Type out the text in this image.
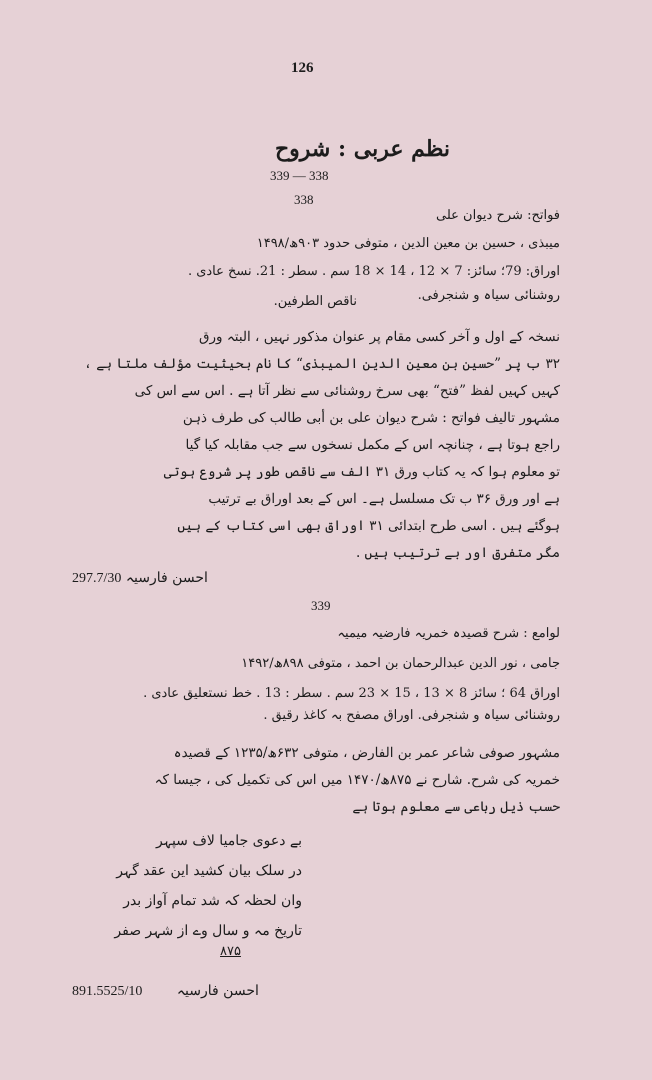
126
نظم عربی : شروح
339 — 338
338
فواتح: شرح دیوان علی
میبذی ، حسین بن معین الدین ، متوفی حدود ۹۰۳ھ/۱۴۹۸
اوراق: 79؛ سائز: 7 × 12 ، 14 × 18 سم . سطر : 21. نسخ عادی .
روشنائی سیاہ و شنجرفی.
ناقص الطرفین.
نسخہ کے اول و آخر کسی مقام پر عنوان مذکور نہیں ، البتہ ورق
۳۲ ب پر ”حسین بن معین الدین المیبذی“ کا نام بحیثیت مؤلف ملتا ہے ،
کہیں کہیں لفظ ”فتح“ بھی سرخ روشنائی سے نظر آتا ہے . اس سے اس کی
مشہور تالیف فواتح : شرح دیوان علی بن أبی طالب کی طرف ذہن
راجع ہوتا ہے ، چنانچہ اس کے مکمل نسخوں سے جب مقابلہ کیا گیا
تو معلوم ہوا کہ یہ کتاب ورق ۳۱ الف سے ناقص طور پر شروع ہوتی
ہے اور ورق ۳۶ ب تک مسلسل ہے۔ اس کے بعد اوراق بے ترتیب
ہوگئے ہیں . اسی طرح ابتدائی ۳۱ اوراق بھی اسی کتاب کے ہیں
مگر متفرق اور بے ترتیب ہیں .
احسن فارسیہ 297.7/30
339
لوامع : شرح قصیدہ خمریہ فارضیہ میمیہ
جامی ، نور الدین عبدالرحمان بن احمد ، متوفی ۸۹۸ھ/۱۴۹۲
اوراق 64 ؛ سائز 8 × 13 ، 15 × 23 سم . سطر : 13 . خط نستعلیق عادی .
روشنائی سیاہ و شنجرفی. اوراق مصفح بہ کاغذ رقیق .
مشہور صوفی شاعر عمر بن الفارض ، متوفی ۶۳۲ھ/۱۲۳۵ کے قصیدہ
خمریہ کی شرح. شارح نے ۸۷۵ھ/۱۴۷۰ میں اس کی تکمیل کی ، جیسا کہ
حسب ذیل رباعی سے معلوم ہوتا ہے
بے دعوی جامیا لاف سپہر
در سلک بیان کشید این عقد گہر
وان لحظہ کہ شد تمام آواز بدر
تاریخ مہ و سال وے از شہر صفر
۸۷۵
891.5525/10 احسن فارسیہ
